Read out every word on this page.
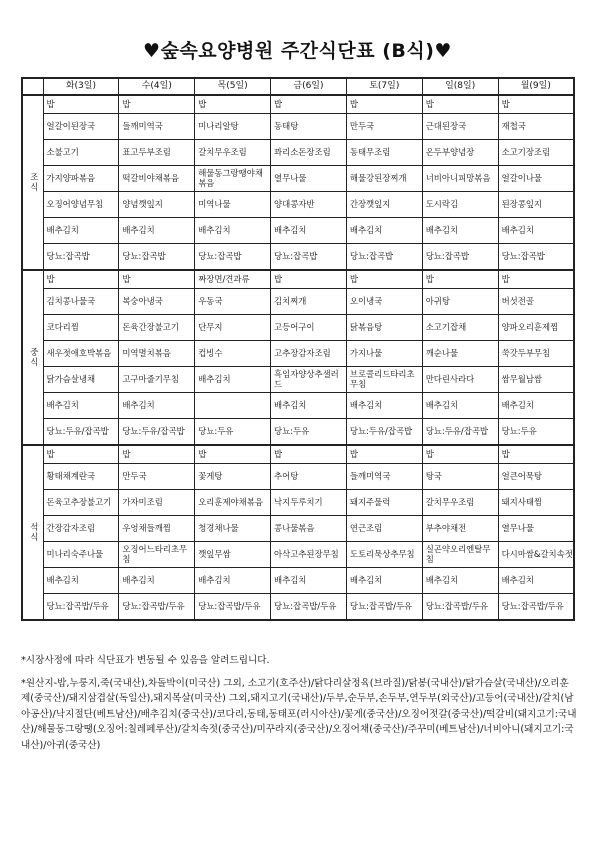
♥숲속요양병원 주간식단표 (B식)♥
	화(3일)	수(4일)	목(5일)	금(6일)	토(7일)	일(8일)	월(9일)

조
식	밥	밥	밥	밥	밥	밥	밥
	얼갈이된장국	들깨미역국	미나리알탕	동태탕	만두국	근대된장국	재첩국
	소불고기	표고두부조림	갈치무우조림	꽈리소돈장조림	동태무조림	온두부양념장	소고기장조림
	가지양파볶음	떡갈비야채볶음	해물동그랑땡야채볶음	열무나물	해물강된장찌개	너비아니피망볶음	얼갈이나물
	오징어양념무침	양념깻잎지	미역나물	양대콩자반	간장깻잎지	도시락김	된장콩잎지
	배추김치	배추김치	배추김치	배추김치	배추김치	배추김치	배추김치
	당뇨:잡곡밥	당뇨:잡곡밥	당뇨:잡곡밥	당뇨:잡곡밥	당뇨:잡곡밥	당뇨:잡곡밥	당뇨:잡곡밥

중
식	밥	밥	짜장면/견과류	밥	밥	밥	밥
	김치콩나물국	복숭아냉국	우동국	김치찌개	오이냉국	아귀탕	버섯전골
	코다리찜	돈육간장불고기	단무지	고등어구이	닭볶음탕	소고기잡채	양파오리훈제찜
	새우젓애호박볶음	미역멸치볶음	컵빙수	고추장감자조림	가지나물	깨순나물	쑥갓두부무침
	닭가슴살냉채	고구마줄기무침	배추김치	흑임자양상추샐러드	브로콜리드타리초무침	만다린사라다	쌈무월남쌈
	배추김치	배추김치		배추김치	배추김치	배추김치	배추김치
	당뇨:두유/잡곡밥	당뇨:두유/잡곡밥	당뇨:두유	당뇨:두유	당뇨:두유/잡곡밥	당뇨:두유/잡곡밥	당뇨:두유

석
식	밥	밥	밥	밥	밥	밥	밥
	황태채계란국	만두국	꽃게탕	추어탕	들깨미역국	탕국	얼큰어묵탕
	돈육고추장불고기	가자미조림	오리훈제야채볶음	낙지두루치기	돼지주물럭	갈치무우조림	돼지사태찜
	간장감자조림	우엉채들깨찜	청경채나물	콩나물볶음	연근조림	부추야채전	열무나물
	미나리숙주나물	오징어느타리초무침	깻잎무쌈	아삭고추된장무침	도토리묵상추무침	실곤약오리엔탈무침	다시마쌈&갈치속젓
	배추김치	배추김치	배추김치	배추김치	배추김치	배추김치	배추김치
	당뇨:잡곡밥/두유	당뇨:잡곡밥/두유	당뇨:잡곡밥/두유	당뇨:잡곡밥/두유	당뇨:잡곡밥/두유	당뇨:잡곡밥/두유	당뇨:잡곡밥/두유

*시장사정에 따라 식단표가 변동될 수 있음을 알려드립니다.

*원산지-밥,누룽지,죽(국내산),차돌박이(미국산) 그외, 소고기(호주산)/닭다리살정육(브라질)/닭봉(국내산)/닭가슴살(국내산)/오리훈제(중국산)/돼지삼겹살(독일산),돼지목살(미국산) 그외,돼지고기(국내산)/두부,순두부,손두부,연두부(외국산)/고등어(국내산)/갈치(남아공산)/낙지절단(베트남산)/배추김치(중국산)/코다리,동태,동태포(러시아산)/꽃게(중국산)/오징어젓갈(중국산)/떡갈비(돼지고기:국내산)/해물동그랑땡(오징어:칠레페루산)/갈치속젓(중국산)/미꾸라지(중국산)/오징어채(중국산)/주꾸미(베트남산)/너비아니(돼지고기:국내산)/아귀(중국산)
